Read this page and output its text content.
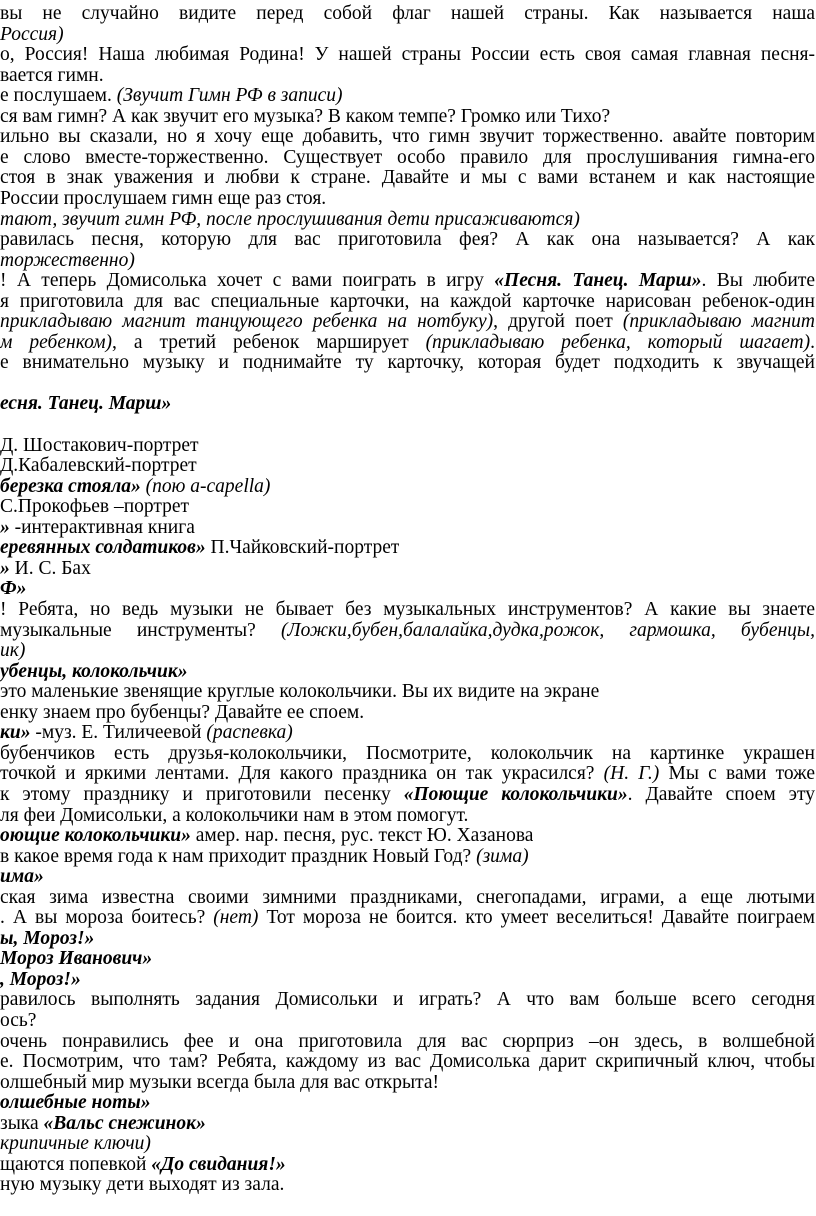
вы не случайно видите перед собой флаг нашей страны. Как называется наша
Россия)
о, Россия! Наша любимая Родина! У нашей страны России есть своя самая главная песня-
вается гимн.
е послушаем. (Звучит Гимн РФ в записи)
ся вам гимн? А как звучит его музыка? В каком темпе? Громко или Тихо?
ильно вы сказали, но я хочу еще добавить, что гимн звучит торжественно. авайте повторим
е слово вместе-торжественно. Существует особо правило для прослушивания гимна-его
стоя в знак уважения и любви к стране. Давайте и мы с вами встанем и как настоящие
России прослушаем гимн еще раз стоя.
тают, звучит гимн РФ, после прослушивания дети присаживаются)
равилась песня, которую для вас приготовила фея? А как она называется? А как
торжественно)
! А теперь Домисолька хочет с вами поиграть в игру «Песня. Танец. Марш». Вы любите
я приготовила для вас специальные карточки, на каждой карточке нарисован ребенок-один
прикладываю магнит танцующего ребенка на нотбуку), другой поет (прикладываю магнит
м ребенком), а третий ребенок марширует (прикладываю ребенка, который шагает).
е внимательно музыку и поднимайте ту карточку, которая будет подходить к звучащей
есня. Танец. Марш»
Д. Шостакович-портрет
Д.Кабалевский-портрет
березка стояла» (пою a-capella)
С.Прокофьев –портрет
» -интерактивная книга
еревянных солдатиков» П.Чайковский-портрет
» И. С. Бах
Ф»
! Ребята, но ведь музыки не бывает без музыкальных инструментов? А какие вы знаете
музыкальные инструменты? (Ложки,бубен,балалайка,дудка,рожок, гармошка, бубенцы,
ик)
убенцы, колокольчик»
это маленькие звенящие круглые колокольчики. Вы их видите на экране
енку знаем про бубенцы? Давайте ее споем.
ки» -муз. Е. Тиличеевой (распевка)
бубенчиков есть друзья-колокольчики, Посмотрите, колокольчик на картинке украшен
точкой и яркими лентами. Для какого праздника он так украсился? (Н. Г.) Мы с вами тоже
к этому празднику и приготовили песенку «Поющие колокольчики». Давайте споем эту
ля феи Домисольки, а колокольчики нам в этом помогут.
оющие колокольчики» амер. нар. песня, рус. текст Ю. Хазанова
в какое время года к нам приходит праздник Новый Год? (зима)
има»
ская зима известна своими зимними праздниками, снегопадами, играми, а еще лютыми
. А вы мороза боитесь? (нет) Тот мороза не боится. кто умеет веселиться! Давайте поиграем
ы, Мороз!»
Мороз Иванович»
, Мороз!»
равилось выполнять задания Домисольки и играть? А что вам больше всего сегодня
ось?
очень понравились фее и она приготовила для вас сюрприз –он здесь, в волшебной
е. Посмотрим, что там? Ребята, каждому из вас Домисолька дарит скрипичный ключ, чтобы
олшебный мир музыки всегда была для вас открыта!
олшебные ноты»
зыка «Вальс снежинок»
крипичные ключи)
щаются попевкой «До свидания!»
ную музыку дети выходят из зала.
